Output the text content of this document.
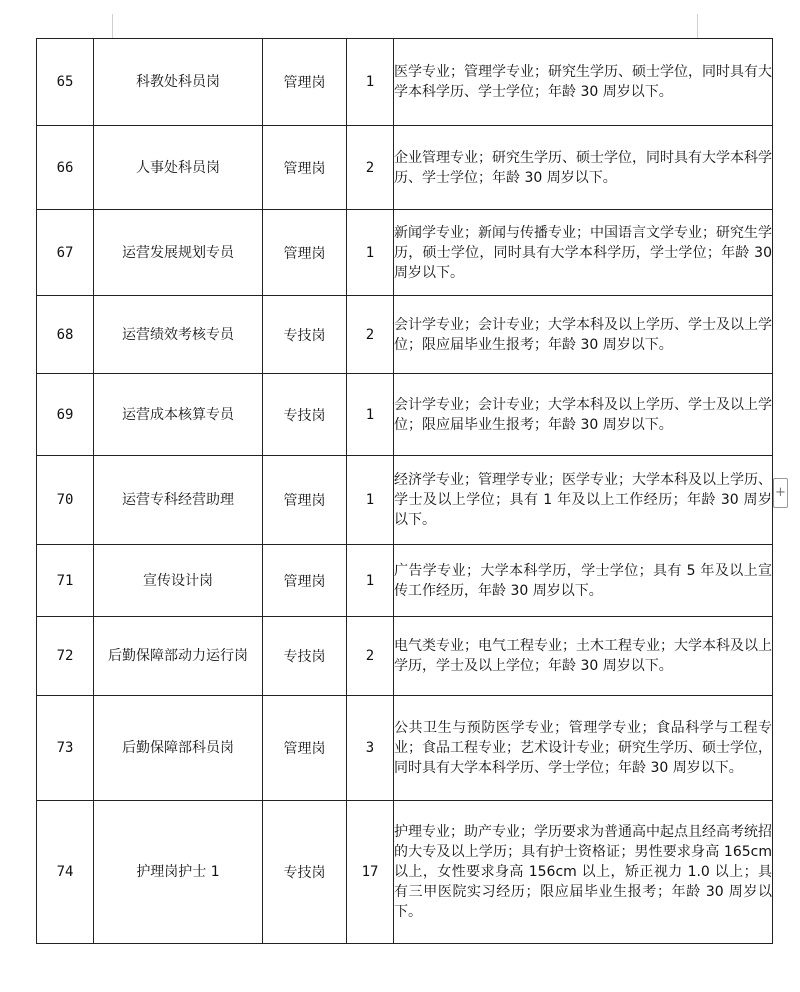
65	科教处科员岗	管理岗	1	医学专业；管理学专业；研究生学历、硕士学位，同时具有大学本科学历、学士学位；年龄 30 周岁以下。
66	人事处科员岗	管理岗	2	企业管理专业；研究生学历、硕士学位，同时具有大学本科学历、学士学位；年龄 30 周岁以下。
67	运营发展规划专员	管理岗	1	新闻学专业；新闻与传播专业；中国语言文学专业；研究生学历，硕士学位，同时具有大学本科学历，学士学位；年龄 30 周岁以下。
68	运营绩效考核专员	专技岗	2	会计学专业；会计专业；大学本科及以上学历、学士及以上学位；限应届毕业生报考；年龄 30 周岁以下。
69	运营成本核算专员	专技岗	1	会计学专业；会计专业；大学本科及以上学历、学士及以上学位；限应届毕业生报考；年龄 30 周岁以下。
70	运营专科经营助理	管理岗	1	经济学专业；管理学专业；医学专业；大学本科及以上学历、学士及以上学位；具有 1 年及以上工作经历；年龄 30 周岁以下。
71	宣传设计岗	管理岗	1	广告学专业；大学本科学历，学士学位；具有 5 年及以上宣传工作经历，年龄 30 周岁以下。
72	后勤保障部动力运行岗	专技岗	2	电气类专业；电气工程专业；土木工程专业；大学本科及以上学历，学士及以上学位；年龄 30 周岁以下。
73	后勤保障部科员岗	管理岗	3	公共卫生与预防医学专业；管理学专业；食品科学与工程专业；食品工程专业；艺术设计专业；研究生学历、硕士学位，同时具有大学本科学历、学士学位；年龄 30 周岁以下。
74	护理岗护士 1	专技岗	17	护理专业；助产专业；学历要求为普通高中起点且经高考统招的大专及以上学历；具有护士资格证；男性要求身高 165cm 以上，女性要求身高 156cm 以上，矫正视力 1.0 以上；具有三甲医院实习经历；限应届毕业生报考；年龄 30 周岁以下。
+
